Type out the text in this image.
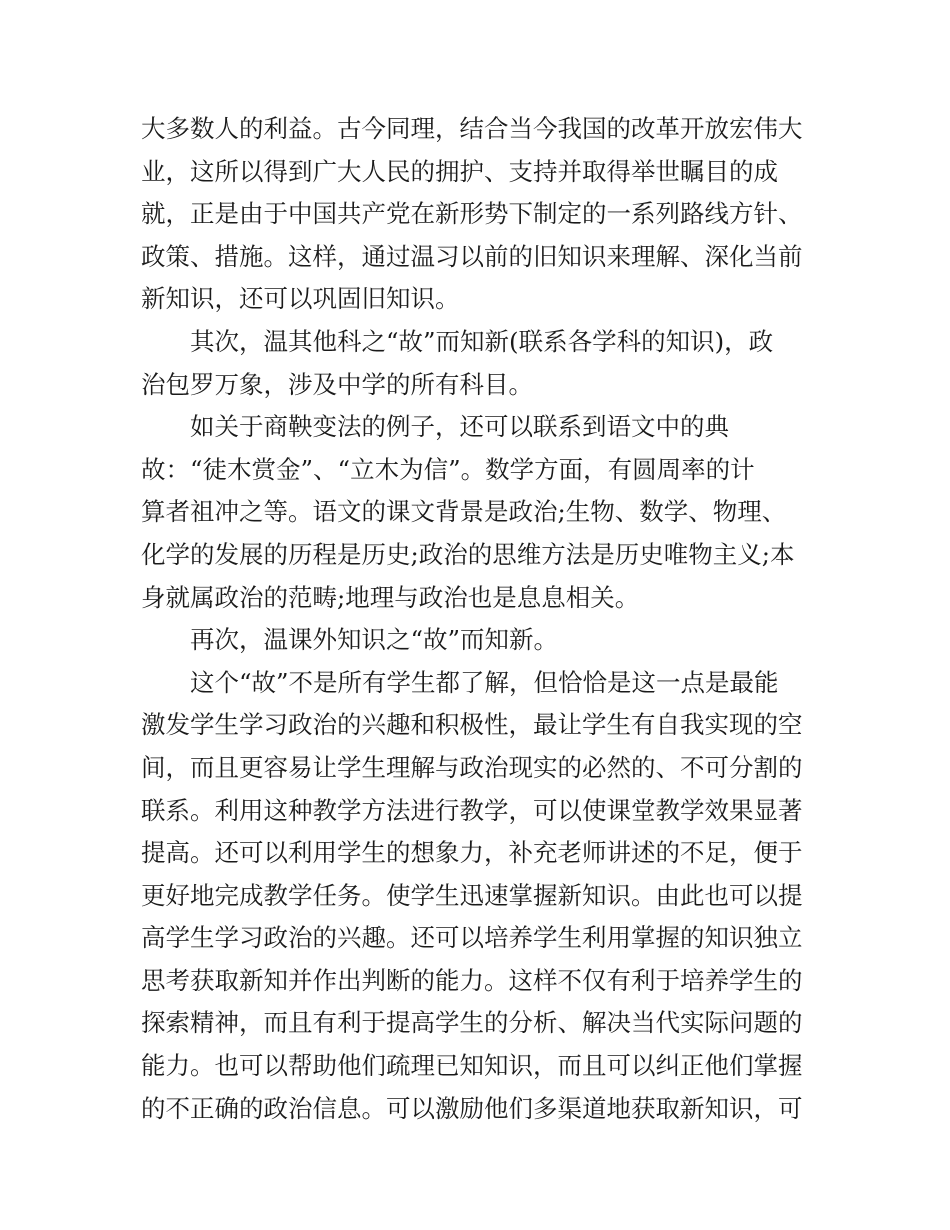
大多数人的利益。古今同理，结合当今我国的改革开放宏伟大
业，这所以得到广大人民的拥护、支持并取得举世瞩目的成
就，正是由于中国共产党在新形势下制定的一系列路线方针、
政策、措施。这样，通过温习以前的旧知识来理解、深化当前
新知识，还可以巩固旧知识。
其次，温其他科之“故”而知新(联系各学科的知识)，政
治包罗万象，涉及中学的所有科目。
如关于商鞅变法的例子，还可以联系到语文中的典
故：“徒木赏金”、“立木为信”。数学方面，有圆周率的计
算者祖冲之等。语文的课文背景是政治;生物、数学、物理、
化学的发展的历程是历史;政治的思维方法是历史唯物主义;本
身就属政治的范畴;地理与政治也是息息相关。
再次，温课外知识之“故”而知新。
这个“故”不是所有学生都了解，但恰恰是这一点是最能
激发学生学习政治的兴趣和积极性，最让学生有自我实现的空
间，而且更容易让学生理解与政治现实的必然的、不可分割的
联系。利用这种教学方法进行教学，可以使课堂教学效果显著
提高。还可以利用学生的想象力，补充老师讲述的不足，便于
更好地完成教学任务。使学生迅速掌握新知识。由此也可以提
高学生学习政治的兴趣。还可以培养学生利用掌握的知识独立
思考获取新知并作出判断的能力。这样不仅有利于培养学生的
探索精神，而且有利于提高学生的分析、解决当代实际问题的
能力。也可以帮助他们疏理已知知识，而且可以纠正他们掌握
的不正确的政治信息。可以激励他们多渠道地获取新知识，可
